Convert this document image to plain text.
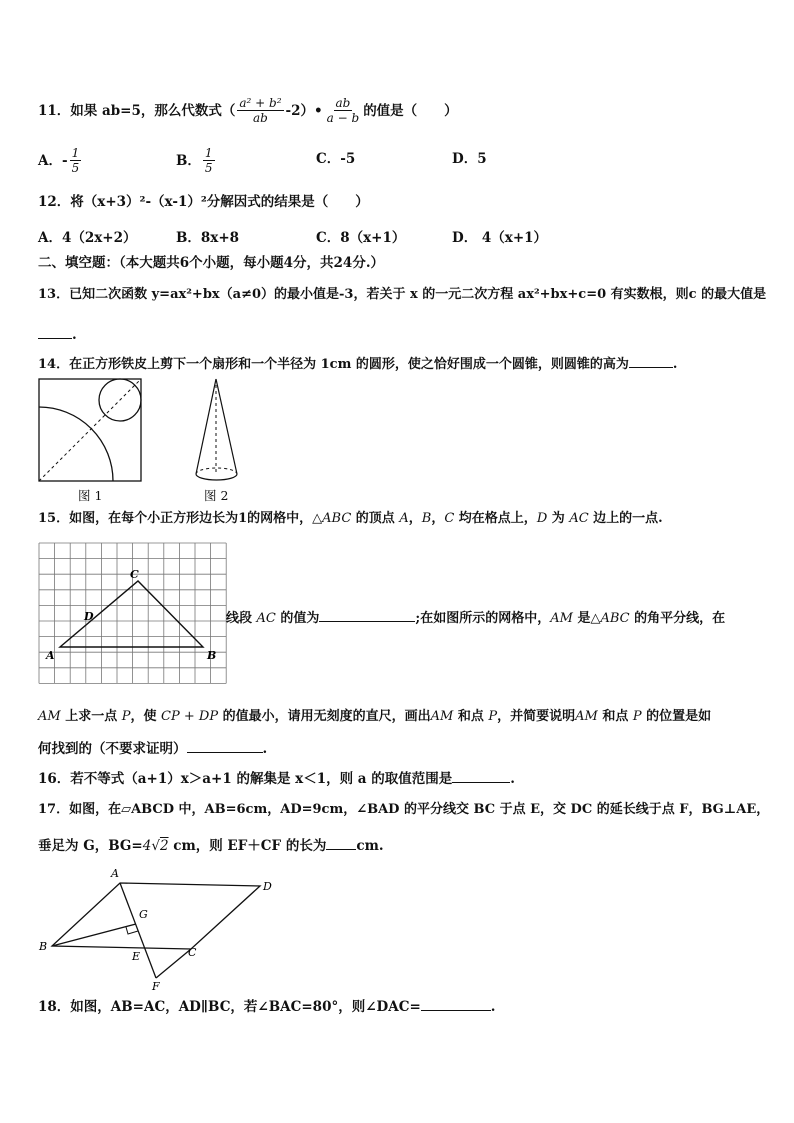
11．如果 ab=5，那么代数式（ $\frac{\text{a² + b²}}{ab}$ -2）• $\frac{ab}{a - b}$ 的值是（　　）
A．- $\frac{1}{5}$	B． $\frac{1}{5}$	C．-5	D．5
12．将（x+3）²-（x-1）²分解因式的结果是（　　）
A．4（2x+2）	B．8x+8	C．8（x+1）	D． 4（x+1）
二、填空题：（本大题共6个小题，每小题4分，共24分.）
13．已知二次函数 y=ax²+bx（a≠0）的最小值是-3，若关于 x 的一元二次方程 ax²+bx+c=0 有实数根，则c 的最大值是
.
14．在正方形铁皮上剪下一个扇形和一个半径为 1cm 的圆形，使之恰好围成一个圆锥，则圆锥的高为	.
图 1	图 2
15．如图，在每个小正方形边长为1的网格中，△ABC 的顶点 A，B，C 均在格点上，D 为 AC 边上的一点.
A	B
C
D	线段 AC 的值为	;在如图所示的网格中，AM 是△ABC 的角平分线，在
AM 上求一点 P，使 CP + DP 的值最小，请用无刻度的直尺，画出AM 和点 P，并简要说明AM 和点 P 的位置是如
何找到的（不要求证明）	.
16．若不等式（a+1）x＞a+1 的解集是 x＜1，则 a 的取值范围是	.
17．如图，在▱ABCD 中，AB=6cm，AD=9cm，∠BAD 的平分线交 BC 于点 E，交 DC 的延长线于点 F，BG⊥AE，
垂足为 G，BG=4√2 cm，则 EF＋CF 的长为 cm.
A
D
B	C
G
E
F
18．如图，AB=AC，AD∥BC，若∠BAC=80°，则∠DAC=	.
